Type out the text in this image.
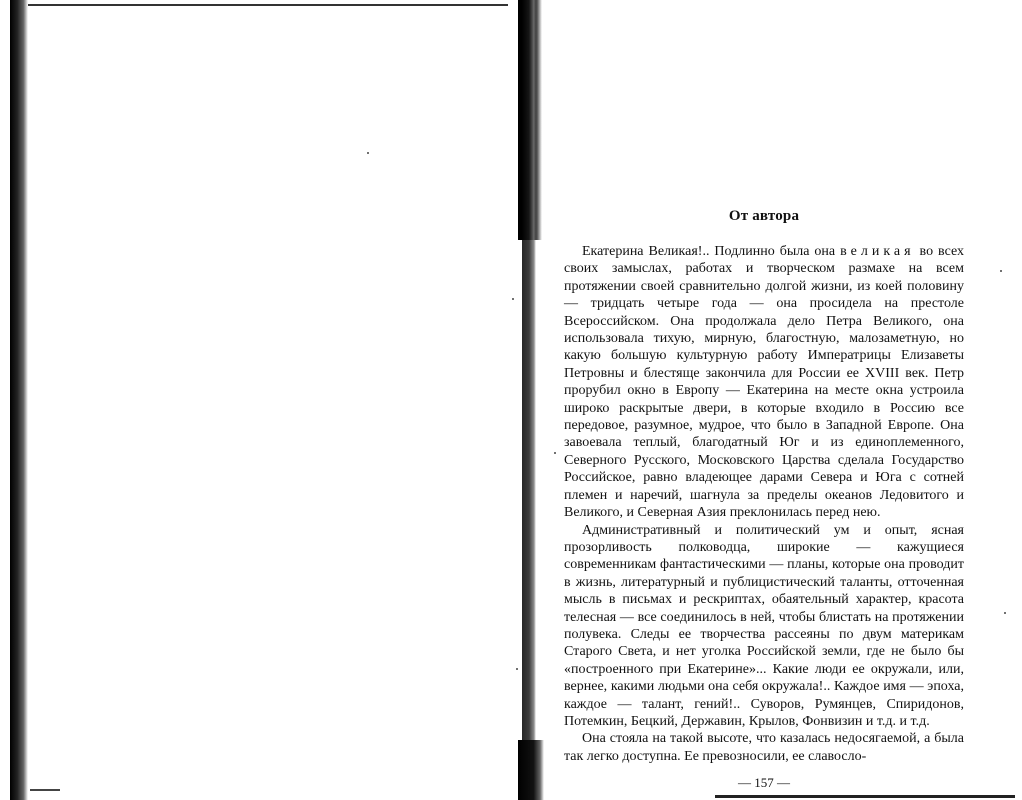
От автора

Екатерина Великая!.. Подлинно была она великая во всех своих замыслах, работах и творческом размахе на всем протяжении своей сравнительно долгой жизни, из коей половину — тридцать четыре года — она просидела на престоле Всероссийском. Она продолжала дело Петра Великого, она использовала тихую, мирную, благостную, малозаметную, но какую большую культурную работу Императрицы Елизаветы Петровны и блестяще закончила для России ее XVIII век. Петр прорубил окно в Европу — Екатерина на месте окна устроила широко раскрытые двери, в которые входило в Россию все передовое, разумное, мудрое, что было в Западной Европе. Она завоевала теплый, благодатный Юг и из единоплеменного, Северного Русского, Московского Царства сделала Государство Российское, равно владеющее дарами Севера и Юга с сотней племен и наречий, шагнула за пределы океанов Ледовитого и Великого, и Северная Азия преклонилась перед нею.

Административный и политический ум и опыт, ясная прозорливость полководца, широкие — кажущиеся современникам фантастическими — планы, которые она проводит в жизнь, литературный и публицистический таланты, отточенная мысль в письмах и рескриптах, обаятельный характер, красота телесная — все соединилось в ней, чтобы блистать на протяжении полувека. Следы ее творчества рассеяны по двум материкам Старого Света, и нет уголка Российской земли, где не было бы «построенного при Екатерине»... Какие люди ее окружали, или, вернее, какими людьми она себя окружала!.. Каждое имя — эпоха, каждое — талант, гений!.. Суворов, Румянцев, Спиридонов, Потемкин, Бецкий, Державин, Крылов, Фонвизин и т.д. и т.д.

Она стояла на такой высоте, что казалась недосягаемой, а была так легко доступна. Ее превозносили, ее славосло-

— 157 —
